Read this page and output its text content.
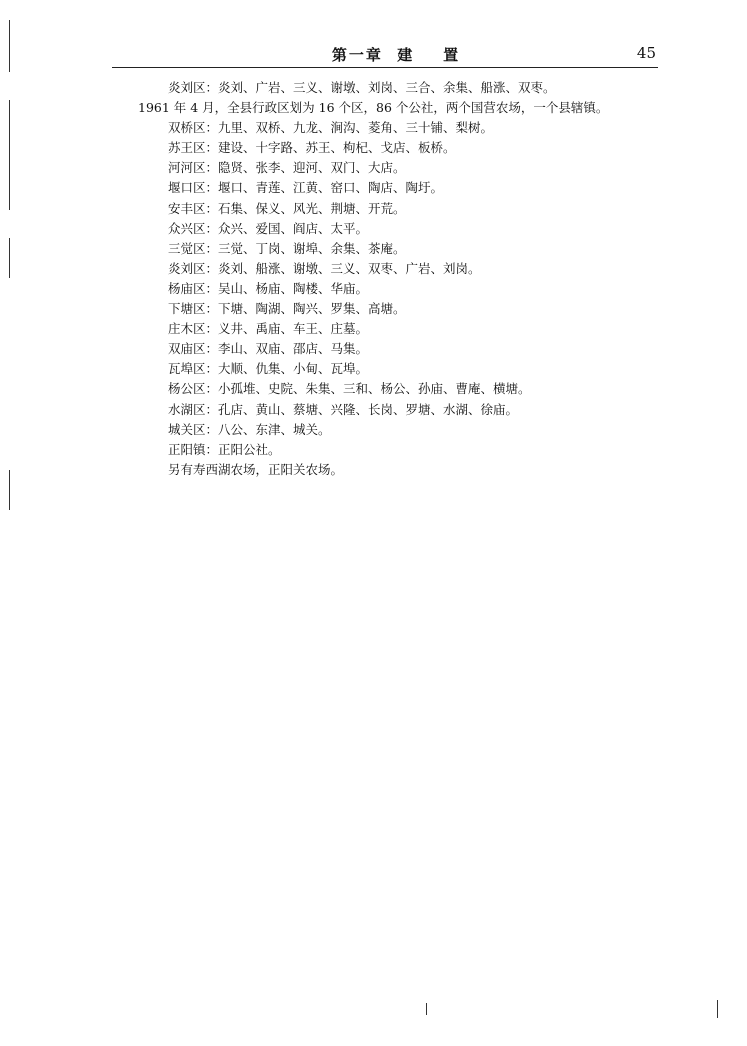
第一章  建    置	45

炎刘区：炎刘、广岩、三义、谢墩、刘岗、三合、余集、船涨、双枣。

1961 年 4 月，全县行政区划为 16 个区，86 个公社，两个国营农场，一个县辖镇。

双桥区：九里、双桥、九龙、涧沟、菱角、三十铺、梨树。

苏王区：建设、十字路、苏王、枸杞、戈店、板桥。

河河区：隐贤、张李、迎河、双门、大店。

堰口区：堰口、青莲、江黄、窑口、陶店、陶圩。

安丰区：石集、保义、风光、荆塘、开荒。

众兴区：众兴、爱国、阎店、太平。

三觉区：三觉、丁岗、谢埠、余集、茶庵。

炎刘区：炎刘、船涨、谢墩、三义、双枣、广岩、刘岗。

杨庙区：吴山、杨庙、陶楼、华庙。

下塘区：下塘、陶湖、陶兴、罗集、高塘。

庄木区：义井、禹庙、车王、庄墓。

双庙区：李山、双庙、邵店、马集。

瓦埠区：大顺、仇集、小甸、瓦埠。

杨公区：小孤堆、史院、朱集、三和、杨公、孙庙、曹庵、横塘。

水湖区：孔店、黄山、蔡塘、兴隆、长岗、罗塘、水湖、徐庙。

城关区：八公、东津、城关。

正阳镇：正阳公社。

另有寿西湖农场，正阳关农场。
